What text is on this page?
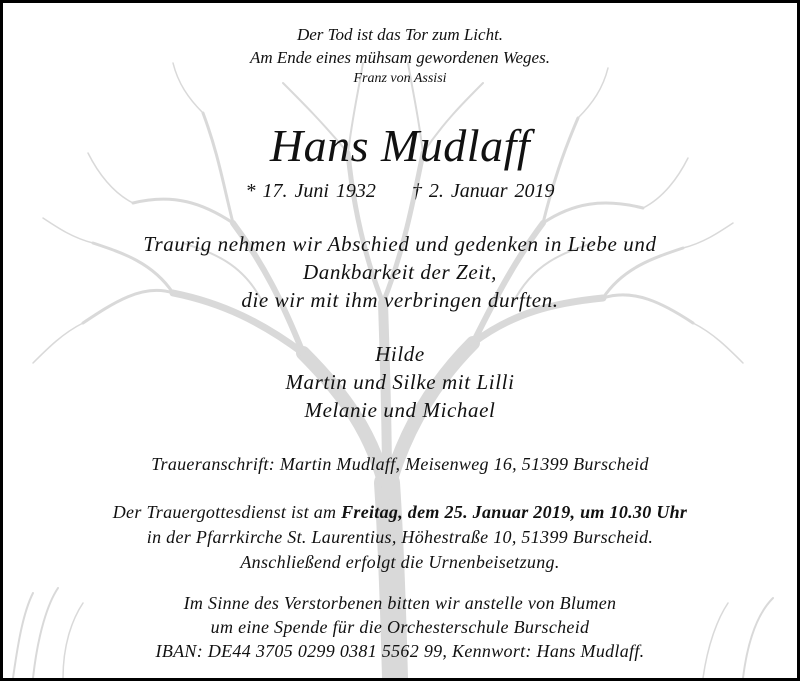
Der Tod ist das Tor zum Licht.
Am Ende eines mühsam gewordenen Weges.
Franz von Assisi
Hans Mudlaff
* 17. Juni 1932 † 2. Januar 2019
Traurig nehmen wir Abschied und gedenken in Liebe und
Dankbarkeit der Zeit,
die wir mit ihm verbringen durften.
Hilde
Martin und Silke mit Lilli
Melanie und Michael
Traueranschrift: Martin Mudlaff, Meisenweg 16, 51399 Burscheid
Der Trauergottesdienst ist am Freitag, dem 25. Januar 2019, um 10.30 Uhr
in der Pfarrkirche St. Laurentius, Höhestraße 10, 51399 Burscheid.
Anschließend erfolgt die Urnenbeisetzung.
Im Sinne des Verstorbenen bitten wir anstelle von Blumen
um eine Spende für die Orchesterschule Burscheid
IBAN: DE44 3705 0299 0381 5562 99, Kennwort: Hans Mudlaff.
